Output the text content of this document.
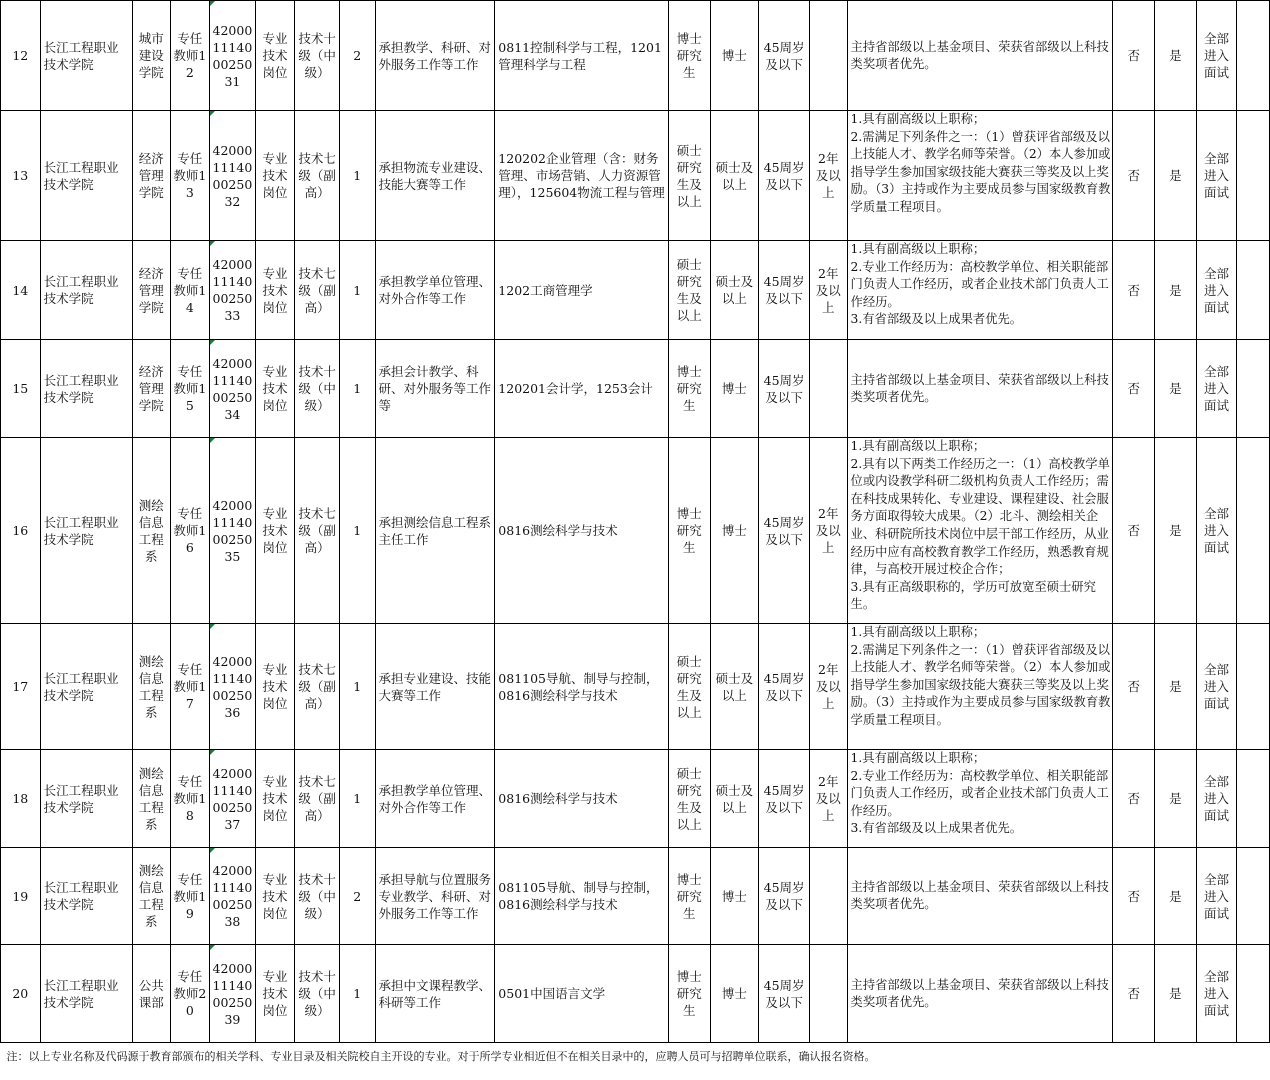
12	长江工程职业技术学院	城市建设学院	专任教师12	4200011140 0025031	专业技术岗位	技术十级（中级）	2	承担教学、科研、对外服务工作等工作	0811控制科学与工程，1201管理科学与工程	博士研究生	博士	45周岁及以下		主持省部级以上基金项目、荣获省部级以上科技类奖项者优先。	否	是	全部进入面试	
13	长江工程职业技术学院	经济管理学院	专任教师13	4200011140 0025032	专业技术岗位	技术七级（副高）	1	承担物流专业建设、技能大赛等工作	120202企业管理（含：财务管理、市场营销、人力资源管理），125604物流工程与管理	硕士研究生及以上	硕士及以上	45周岁及以下	2年及以上	1.具有副高级以上职称；
2.需满足下列条件之一：（1）曾获评省部级及以上技能人才、教学名师等荣誉。（2）本人参加或指导学生参加国家级技能大赛获三等奖及以上奖励。（3）主持或作为主要成员参与国家级教育教学质量工程项目。	否	是	全部进入面试	
14	长江工程职业技术学院	经济管理学院	专任教师14	4200011140 0025033	专业技术岗位	技术七级（副高）	1	承担教学单位管理、对外合作等工作	1202工商管理学	硕士研究生及以上	硕士及以上	45周岁及以下	2年及以上	1.具有副高级以上职称；
2.专业工作经历为：高校教学单位、相关职能部门负责人工作经历，或者企业技术部门负责人工作经历。
3.有省部级及以上成果者优先。	否	是	全部进入面试	
15	长江工程职业技术学院	经济管理学院	专任教师15	4200011140 0025034	专业技术岗位	技术十级（中级）	1	承担会计教学、科研、对外服务等工作等	120201会计学，1253会计	博士研究生	博士	45周岁及以下		主持省部级以上基金项目、荣获省部级以上科技类奖项者优先。	否	是	全部进入面试	
16	长江工程职业技术学院	测绘信息工程系	专任教师16	4200011140 0025035	专业技术岗位	技术七级（副高）	1	承担测绘信息工程系主任工作	0816测绘科学与技术	博士研究生	博士	45周岁及以下	2年及以上	1.具有副高级以上职称；
2.具有以下两类工作经历之一：（1）高校教学单位或内设教学科研二级机构负责人工作经历；需在科技成果转化、专业建设、课程建设、社会服务方面取得较大成果。（2）北斗、测绘相关企业、科研院所技术岗位中层干部工作经历，从业经历中应有高校教育教学工作经历，熟悉教育规律，与高校开展过校企合作；
3.具有正高级职称的，学历可放宽至硕士研究生。	否	是	全部进入面试	
17	长江工程职业技术学院	测绘信息工程系	专任教师17	4200011140 0025036	专业技术岗位	技术七级（副高）	1	承担专业建设、技能大赛等工作	081105导航、制导与控制，0816测绘科学与技术	硕士研究生及以上	硕士及以上	45周岁及以下	2年及以上	1.具有副高级以上职称；
2.需满足下列条件之一：（1）曾获评省部级及以上技能人才、教学名师等荣誉。（2）本人参加或指导学生参加国家级技能大赛获三等奖及以上奖励。（3）主持或作为主要成员参与国家级教育教学质量工程项目。	否	是	全部进入面试	
18	长江工程职业技术学院	测绘信息工程系	专任教师18	4200011140 0025037	专业技术岗位	技术七级（副高）	1	承担教学单位管理、对外合作等工作	0816测绘科学与技术	硕士研究生及以上	硕士及以上	45周岁及以下	2年及以上	1.具有副高级以上职称；
2.专业工作经历为：高校教学单位、相关职能部门负责人工作经历，或者企业技术部门负责人工作经历。
3.有省部级及以上成果者优先。	否	是	全部进入面试	
19	长江工程职业技术学院	测绘信息工程系	专任教师19	4200011140 0025038	专业技术岗位	技术十级（中级）	2	承担导航与位置服务专业教学、科研、对外服务工作等工作	081105导航、制导与控制，0816测绘科学与技术	博士研究生	博士	45周岁及以下		主持省部级以上基金项目、荣获省部级以上科技类奖项者优先。	否	是	全部进入面试	
20	长江工程职业技术学院	公共课部	专任教师20	4200011140 0025039	专业技术岗位	技术十级（中级）	1	承担中文课程教学、科研等工作	0501中国语言文学	博士研究生	博士	45周岁及以下		主持省部级以上基金项目、荣获省部级以上科技类奖项者优先。	否	是	全部进入面试	
注：以上专业名称及代码源于教育部颁布的相关学科、专业目录及相关院校自主开设的专业。对于所学专业相近但不在相关目录中的，应聘人员可与招聘单位联系，确认报名资格。																		
